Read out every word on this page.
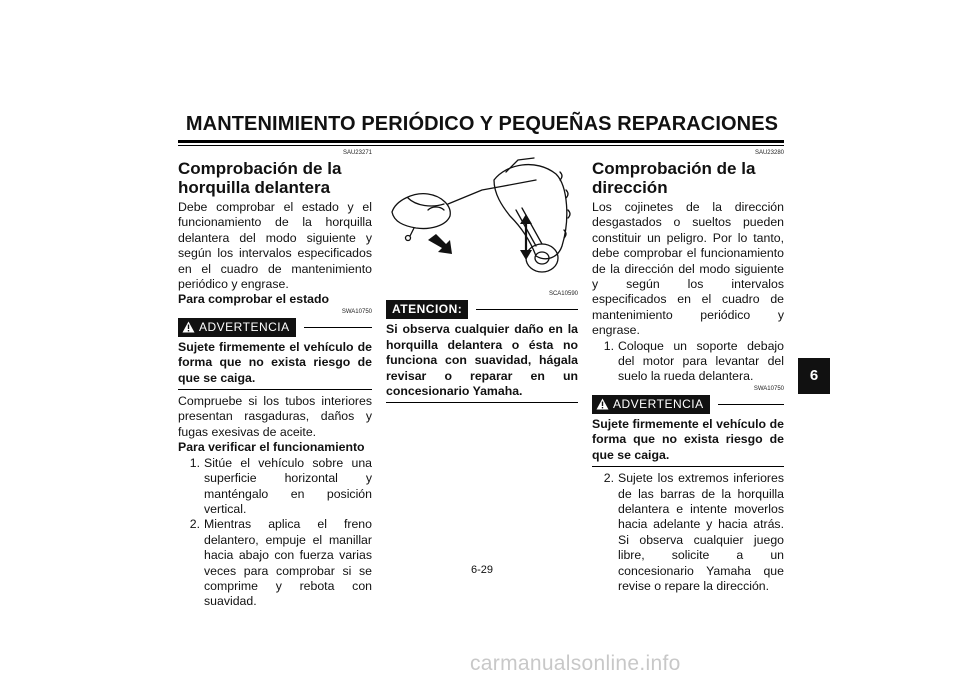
MANTENIMIENTO PERIÓDICO Y PEQUEÑAS REPARACIONES
6
SAU23271
Comprobación de la horquilla delantera
Debe comprobar el estado y el funcionamiento de la horquilla delantera del modo siguiente y según los intervalos especificados en el cuadro de mantenimiento periódico y engrase.
Para comprobar el estado
SWA10750
ADVERTENCIA
Sujete firmemente el vehículo de forma que no exista riesgo de que se caiga.
Compruebe si los tubos interiores presentan rasgaduras, daños y fugas exesivas de aceite.
Para verificar el funcionamiento
1. Sitúe el vehículo sobre una superficie horizontal y manténgalo en posición vertical.
2. Mientras aplica el freno delantero, empuje el manillar hacia abajo con fuerza varias veces para comprobar si se comprime y rebota con suavidad.
SCA10590
ATENCION:
Si observa cualquier daño en la horquilla delantera o ésta no funciona con suavidad, hágala revisar o reparar en un concesionario Yamaha.
SAU23280
Comprobación de la dirección
Los cojinetes de la dirección desgastados o sueltos pueden constituir un peligro. Por lo tanto, debe comprobar el funcionamiento de la dirección del modo siguiente y según los intervalos especificados en el cuadro de mantenimiento periódico y engrase.
1. Coloque un soporte debajo del motor para levantar del suelo la rueda delantera.
SWA10750
ADVERTENCIA
Sujete firmemente el vehículo de forma que no exista riesgo de que se caiga.
2. Sujete los extremos inferiores de las barras de la horquilla delantera e intente moverlos hacia adelante y hacia atrás. Si observa cualquier juego libre, solicite a un concesionario Yamaha que revise o repare la dirección.
6-29
carmanualsonline.info
